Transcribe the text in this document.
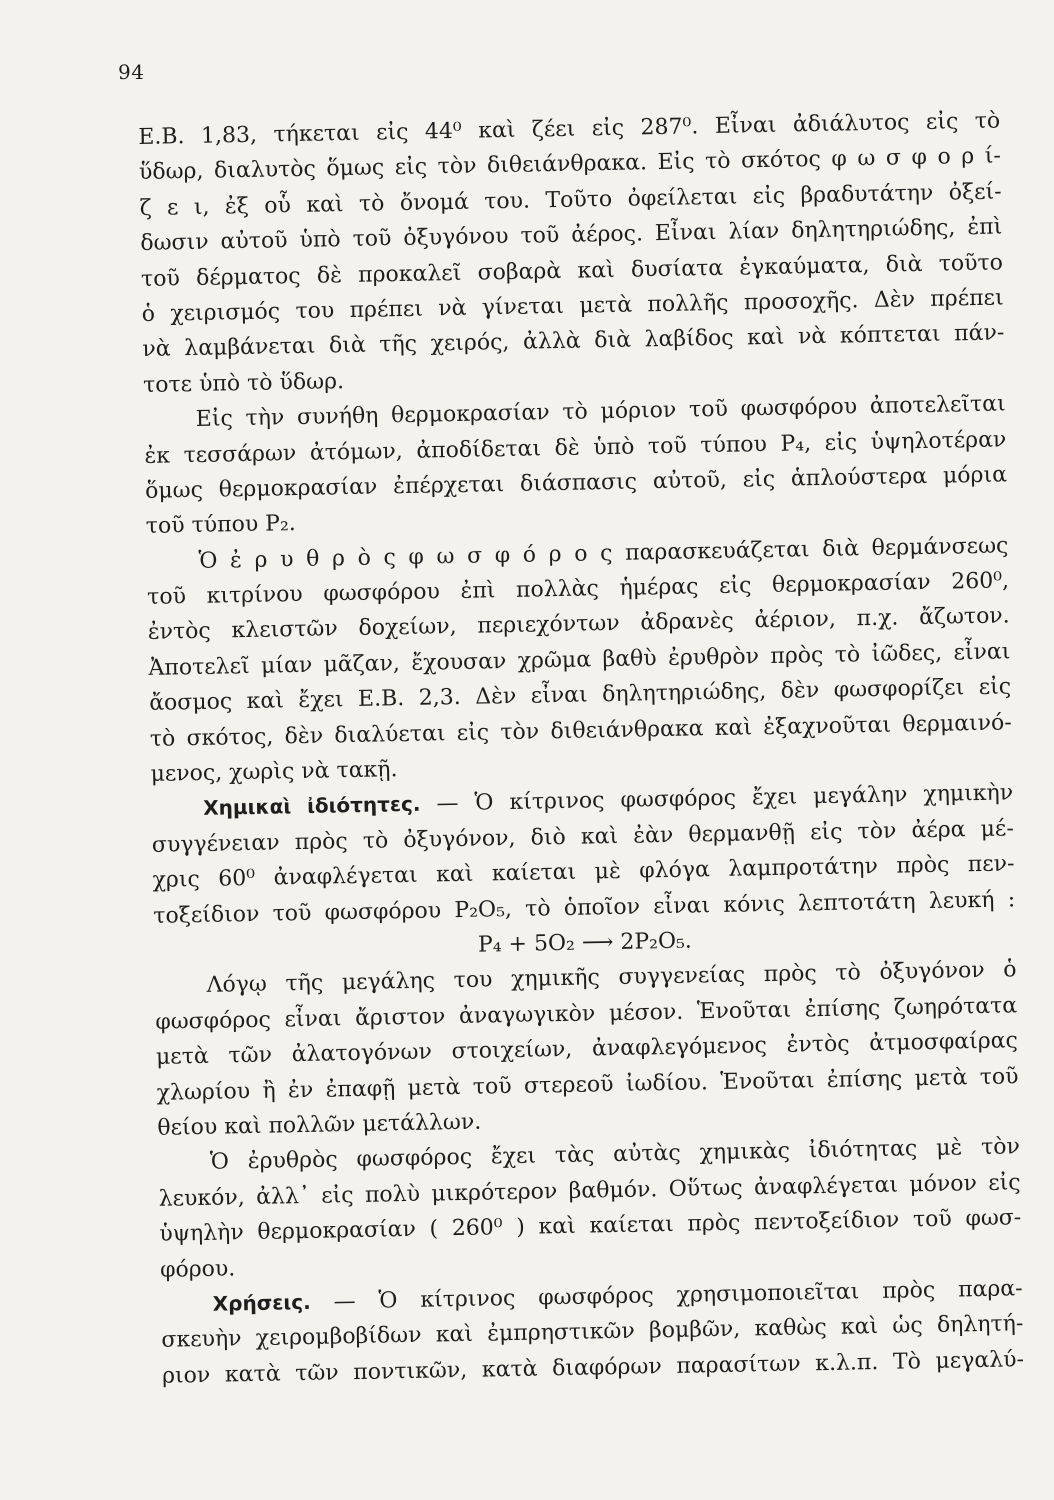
94
E.B. 1,83, τήκεται εἰς 44⁰ καὶ ζέει εἰς 287⁰. Εἶναι ἀδιάλυτος εἰς τὸ
ὕδωρ, διαλυτὸς ὅμως εἰς τὸν διθειάνθρακα. Εἰς τὸ σκότος φ ω σ φ ο ρ ί-
ζ ε ι, ἐξ οὗ καὶ τὸ ὄνομά του. Τοῦτο ὀφείλεται εἰς βραδυτάτην ὀξεί-
δωσιν αὐτοῦ ὑπὸ τοῦ ὀξυγόνου τοῦ ἀέρος. Εἶναι λίαν δηλητηριώδης, ἐπὶ
τοῦ δέρματος δὲ προκαλεῖ σοβαρὰ καὶ δυσίατα ἐγκαύματα, διὰ τοῦτο
ὁ χειρισμός του πρέπει νὰ γίνεται μετὰ πολλῆς προσοχῆς. Δὲν πρέπει
νὰ λαμβάνεται διὰ τῆς χειρός, ἀλλὰ διὰ λαβίδος καὶ νὰ κόπτεται πάν-
τοτε ὑπὸ τὸ ὕδωρ.
Εἰς τὴν συνήθη θερμοκρασίαν τὸ μόριον τοῦ φωσφόρου ἀποτελεῖται
ἐκ τεσσάρων ἀτόμων, ἀποδίδεται δὲ ὑπὸ τοῦ τύπου P₄, εἰς ὑψηλοτέραν
ὅμως θερμοκρασίαν ἐπέρχεται διάσπασις αὐτοῦ, εἰς ἁπλούστερα μόρια
τοῦ τύπου P₂.
Ὁ ἐ ρ υ θ ρ ὸ ς φ ω σ φ ό ρ ο ς παρασκευάζεται διὰ θερμάνσεως
τοῦ κιτρίνου φωσφόρου ἐπὶ πολλὰς ἡμέρας εἰς θερμοκρασίαν 260⁰,
ἐντὸς κλειστῶν δοχείων, περιεχόντων ἀδρανὲς ἀέριον, π.χ. ἄζωτον.
Ἀποτελεῖ μίαν μᾶζαν, ἔχουσαν χρῶμα βαθὺ ἐρυθρὸν πρὸς τὸ ἰῶδες, εἶναι
ἄοσμος καὶ ἔχει E.B. 2,3. Δὲν εἶναι δηλητηριώδης, δὲν φωσφορίζει εἰς
τὸ σκότος, δὲν διαλύεται εἰς τὸν διθειάνθρακα καὶ ἐξαχνοῦται θερμαινό-
μενος, χωρὶς νὰ τακῇ.
Χημικαὶ ἰδιότητες. — Ὁ κίτρινος φωσφόρος ἔχει μεγάλην χημικὴν
συγγένειαν πρὸς τὸ ὀξυγόνον, διὸ καὶ ἐὰν θερμανθῇ εἰς τὸν ἀέρα μέ-
χρις 60⁰ ἀναφλέγεται καὶ καίεται μὲ φλόγα λαμπροτάτην πρὸς πεν-
τοξείδιον τοῦ φωσφόρου P₂O₅, τὸ ὁποῖον εἶναι κόνις λεπτοτάτη λευκή :
P₄ + 5O₂ ⟶ 2P₂O₅.
Λόγῳ τῆς μεγάλης του χημικῆς συγγενείας πρὸς τὸ ὀξυγόνον ὁ
φωσφόρος εἶναι ἄριστον ἀναγωγικὸν μέσον. Ἑνοῦται ἐπίσης ζωηρότατα
μετὰ τῶν ἀλατογόνων στοιχείων, ἀναφλεγόμενος ἐντὸς ἀτμοσφαίρας
χλωρίου ἢ ἐν ἐπαφῇ μετὰ τοῦ στερεοῦ ἰωδίου. Ἑνοῦται ἐπίσης μετὰ τοῦ
θείου καὶ πολλῶν μετάλλων.
Ὁ ἐρυθρὸς φωσφόρος ἔχει τὰς αὐτὰς χημικὰς ἰδιότητας μὲ τὸν
λευκόν, ἀλλ᾽ εἰς πολὺ μικρότερον βαθμόν. Οὕτως ἀναφλέγεται μόνον εἰς
ὑψηλὴν θερμοκρασίαν ( 260⁰ ) καὶ καίεται πρὸς πεντοξείδιον τοῦ φωσ-
φόρου.
Χρήσεις. — Ὁ κίτρινος φωσφόρος χρησιμοποιεῖται πρὸς παρα-
σκευὴν χειρομβοβίδων καὶ ἐμπρηστικῶν βομβῶν, καθὼς καὶ ὡς δηλητή-
ριον κατὰ τῶν ποντικῶν, κατὰ διαφόρων παρασίτων κ.λ.π. Τὸ μεγαλύ-
